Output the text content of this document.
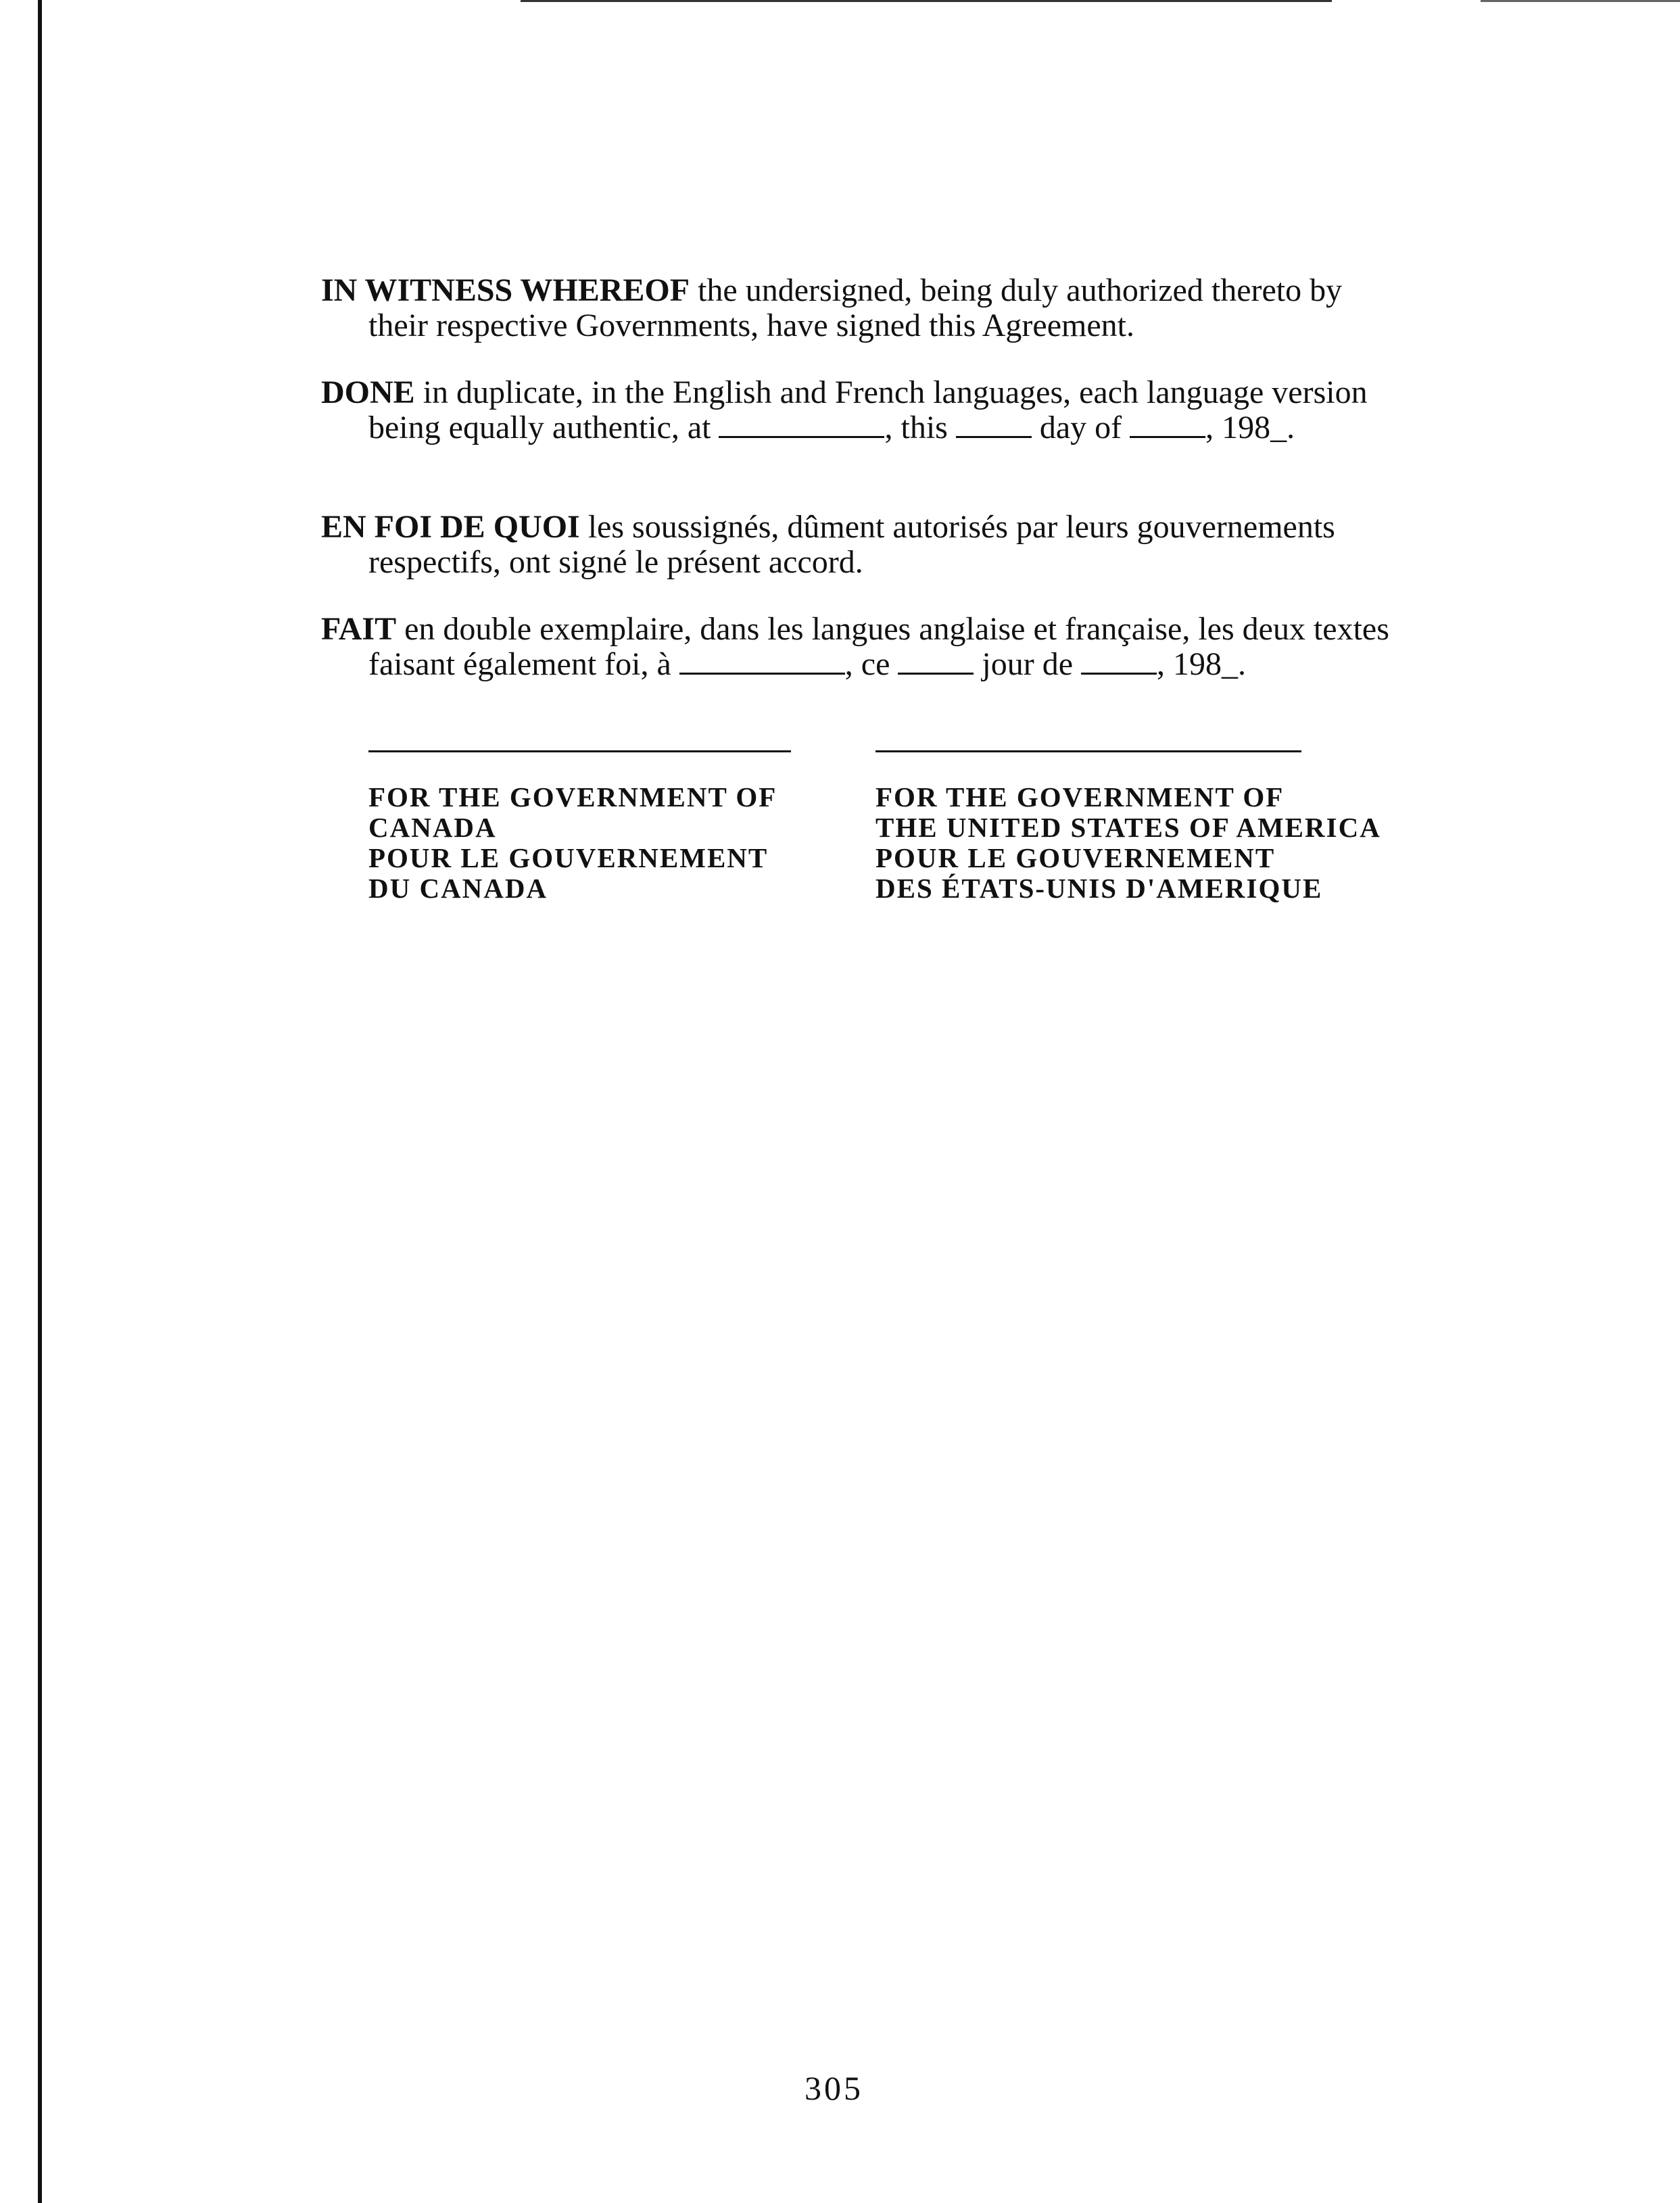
IN WITNESS WHEREOF the undersigned, being duly authorized thereto by
their respective Governments, have signed this Agreement.
DONE in duplicate, in the English and French languages, each language version
being equally authentic, at	, this  day of , 198_.
EN FOI DE QUOI les soussignés, dûment autorisés par leurs gouvernements
respectifs, ont signé le présent accord.
FAIT en double exemplaire, dans les langues anglaise et française, les deux textes
faisant également foi, à	, ce  jour de , 198_.
FOR THE GOVERNMENT OF
CANADA
POUR LE GOUVERNEMENT
DU CANADA
FOR THE GOVERNMENT OF
THE UNITED STATES OF AMERICA
POUR LE GOUVERNEMENT
DES ÉTATS-UNIS D'AMERIQUE
305
